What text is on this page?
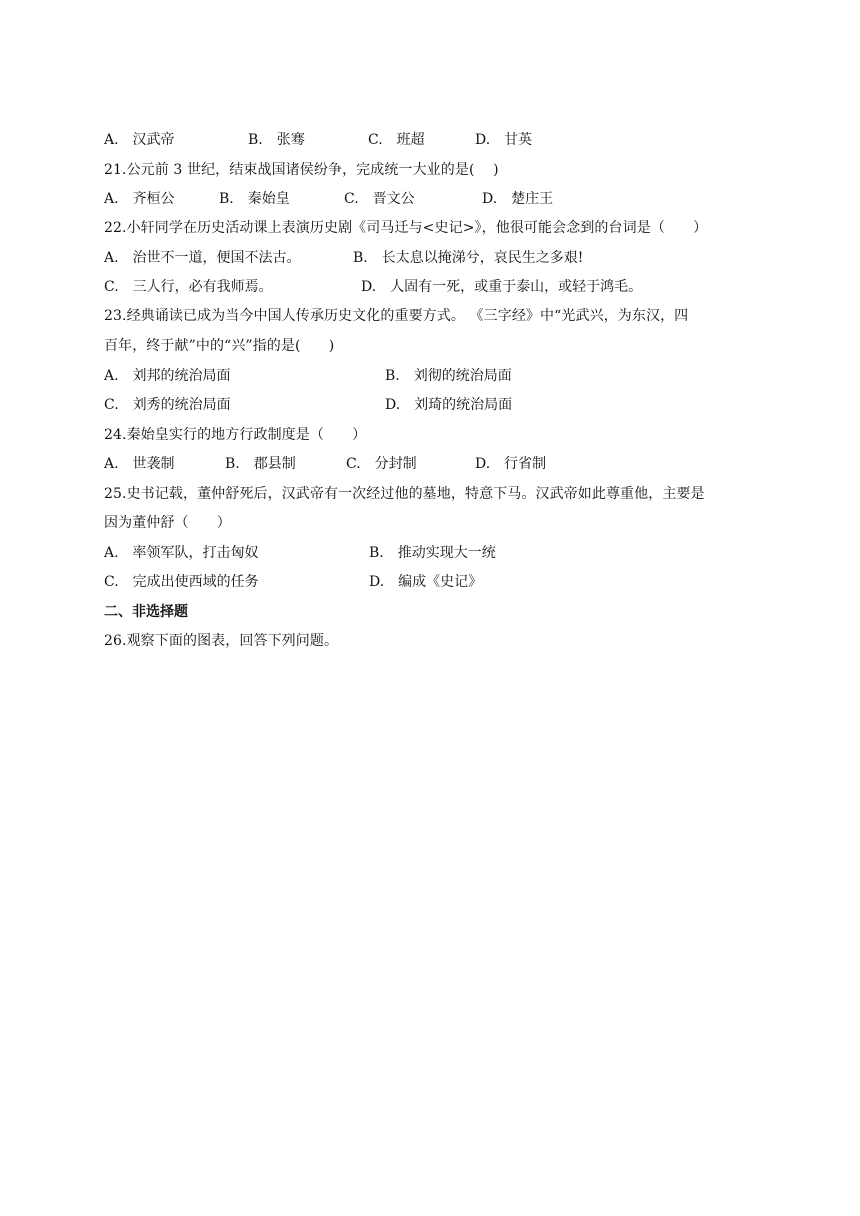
A.　汉武帝	B.　张骞	C.　班超	D.　甘英
21.公元前 3 世纪，结束战国诸侯纷争，完成统一大业的是(　 )
A.　齐桓公	B.　秦始皇	C.　晋文公	D.　楚庄王
22.小轩同学在历史活动课上表演历史剧《司马迁与<史记>》，他很可能会念到的台词是（　　）
A.　治世不一道，便国不法古。	B.　长太息以掩涕兮，哀民生之多艰!
C.　三人行，必有我师焉。	D.　人固有一死，或重于泰山，或轻于鸿毛。
23.经典诵读已成为当今中国人传承历史文化的重要方式。 《三字经》中“光武兴，为东汉，四
百年，终于献”中的“兴”指的是(　　)
A.　刘邦的统治局面	B.　刘彻的统治局面
C.　刘秀的统治局面	D.　刘琦的统治局面
24.秦始皇实行的地方行政制度是（　　）
A.　世袭制	B.　郡县制	C.　分封制	D.　行省制
25.史书记载，董仲舒死后，汉武帝有一次经过他的墓地，特意下马。汉武帝如此尊重他，主要是
因为董仲舒（　　）
A.　率领军队，打击匈奴	B.　推动实现大一统
C.　完成出使西域的任务	D.　编成《史记》
二、非选择题
26.观察下面的图表，回答下列问题。
